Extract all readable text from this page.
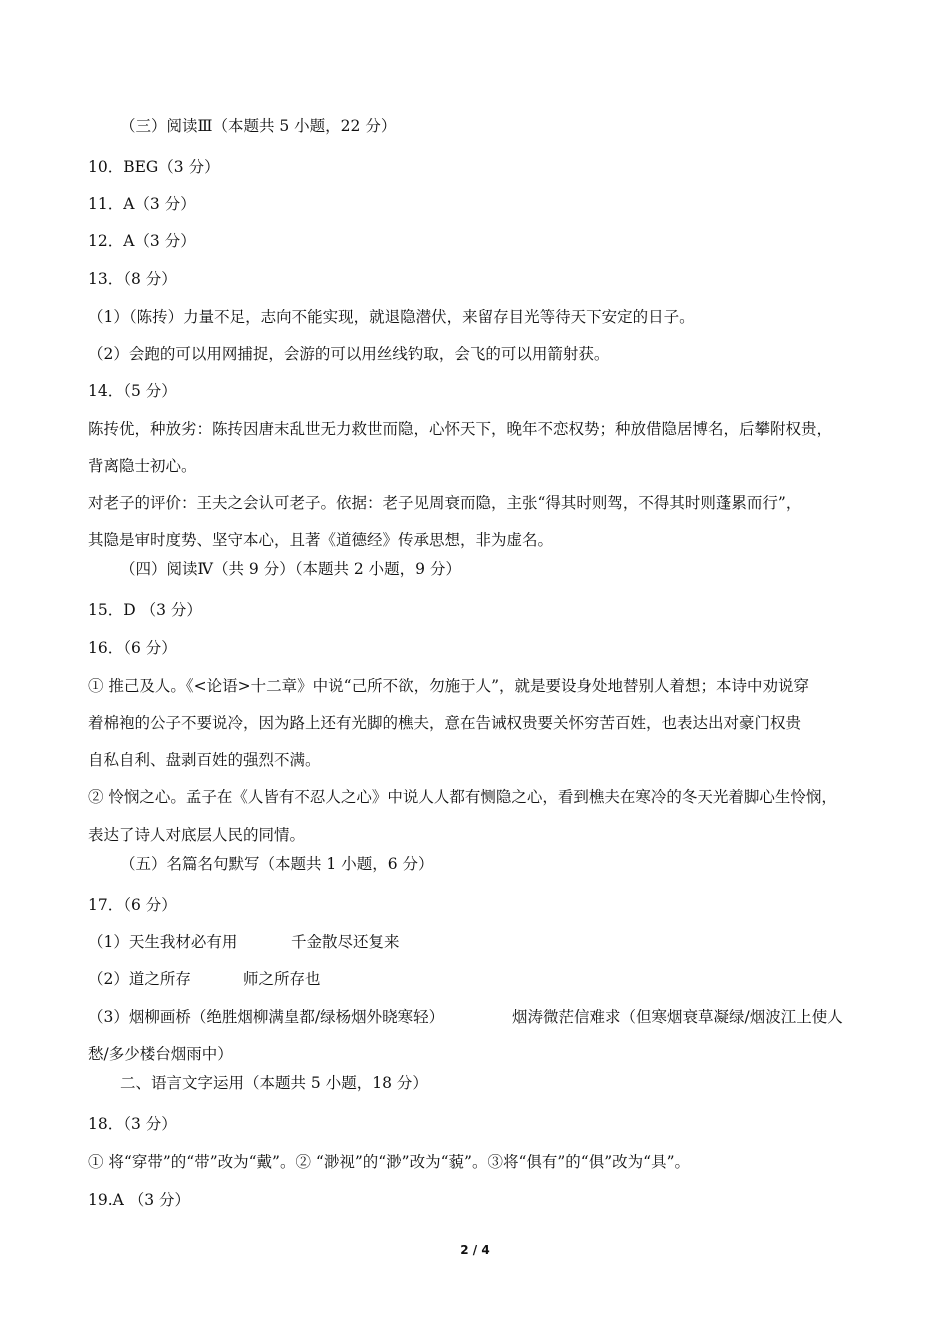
（三）阅读Ⅲ（本题共 5 小题，22 分）
10．BEG（3 分）
11．A（3 分）
12．A（3 分）
13．（8 分）
（1）（陈抟）力量不足，志向不能实现，就退隐潜伏，来留存目光等待天下安定的日子。
（2）会跑的可以用网捕捉，会游的可以用丝线钓取，会飞的可以用箭射获。
14．（5 分）
陈抟优，种放劣：陈抟因唐末乱世无力救世而隐，心怀天下，晚年不恋权势；种放借隐居博名，后攀附权贵，
背离隐士初心。
对老子的评价：王夫之会认可老子。依据：老子见周衰而隐，主张“得其时则驾，不得其时则蓬累而行”，
其隐是审时度势、坚守本心，且著《道德经》传承思想，非为虚名。
（四）阅读Ⅳ（共 9 分）（本题共 2 小题，9 分）
15．D （3 分）
16．（6 分）
① 推己及人。《<论语>十二章》中说“己所不欲，勿施于人”，就是要设身处地替别人着想；本诗中劝说穿
着棉袍的公子不要说冷，因为路上还有光脚的樵夫，意在告诫权贵要关怀穷苦百姓，也表达出对豪门权贵
自私自利、盘剥百姓的强烈不满。
② 怜悯之心。孟子在《人皆有不忍人之心》中说人人都有恻隐之心，看到樵夫在寒冷的冬天光着脚心生怜悯，
表达了诗人对底层人民的同情。
（五）名篇名句默写（本题共 1 小题，6 分）
17．（6 分）
（1）天生我材必有用	千金散尽还复来
（2）道之所存	师之所存也
（3）烟柳画桥（绝胜烟柳满皇都/绿杨烟外晓寒轻）	烟涛微茫信难求（但寒烟衰草凝绿/烟波江上使人
愁/多少楼台烟雨中）
二、语言文字运用（本题共 5 小题，18 分）
18．（3 分）
① 将“穿带”的“带”改为“戴”。② “渺视”的“渺”改为“藐”。③将“俱有”的“俱”改为“具”。
19.A （3 分）
2 / 4
